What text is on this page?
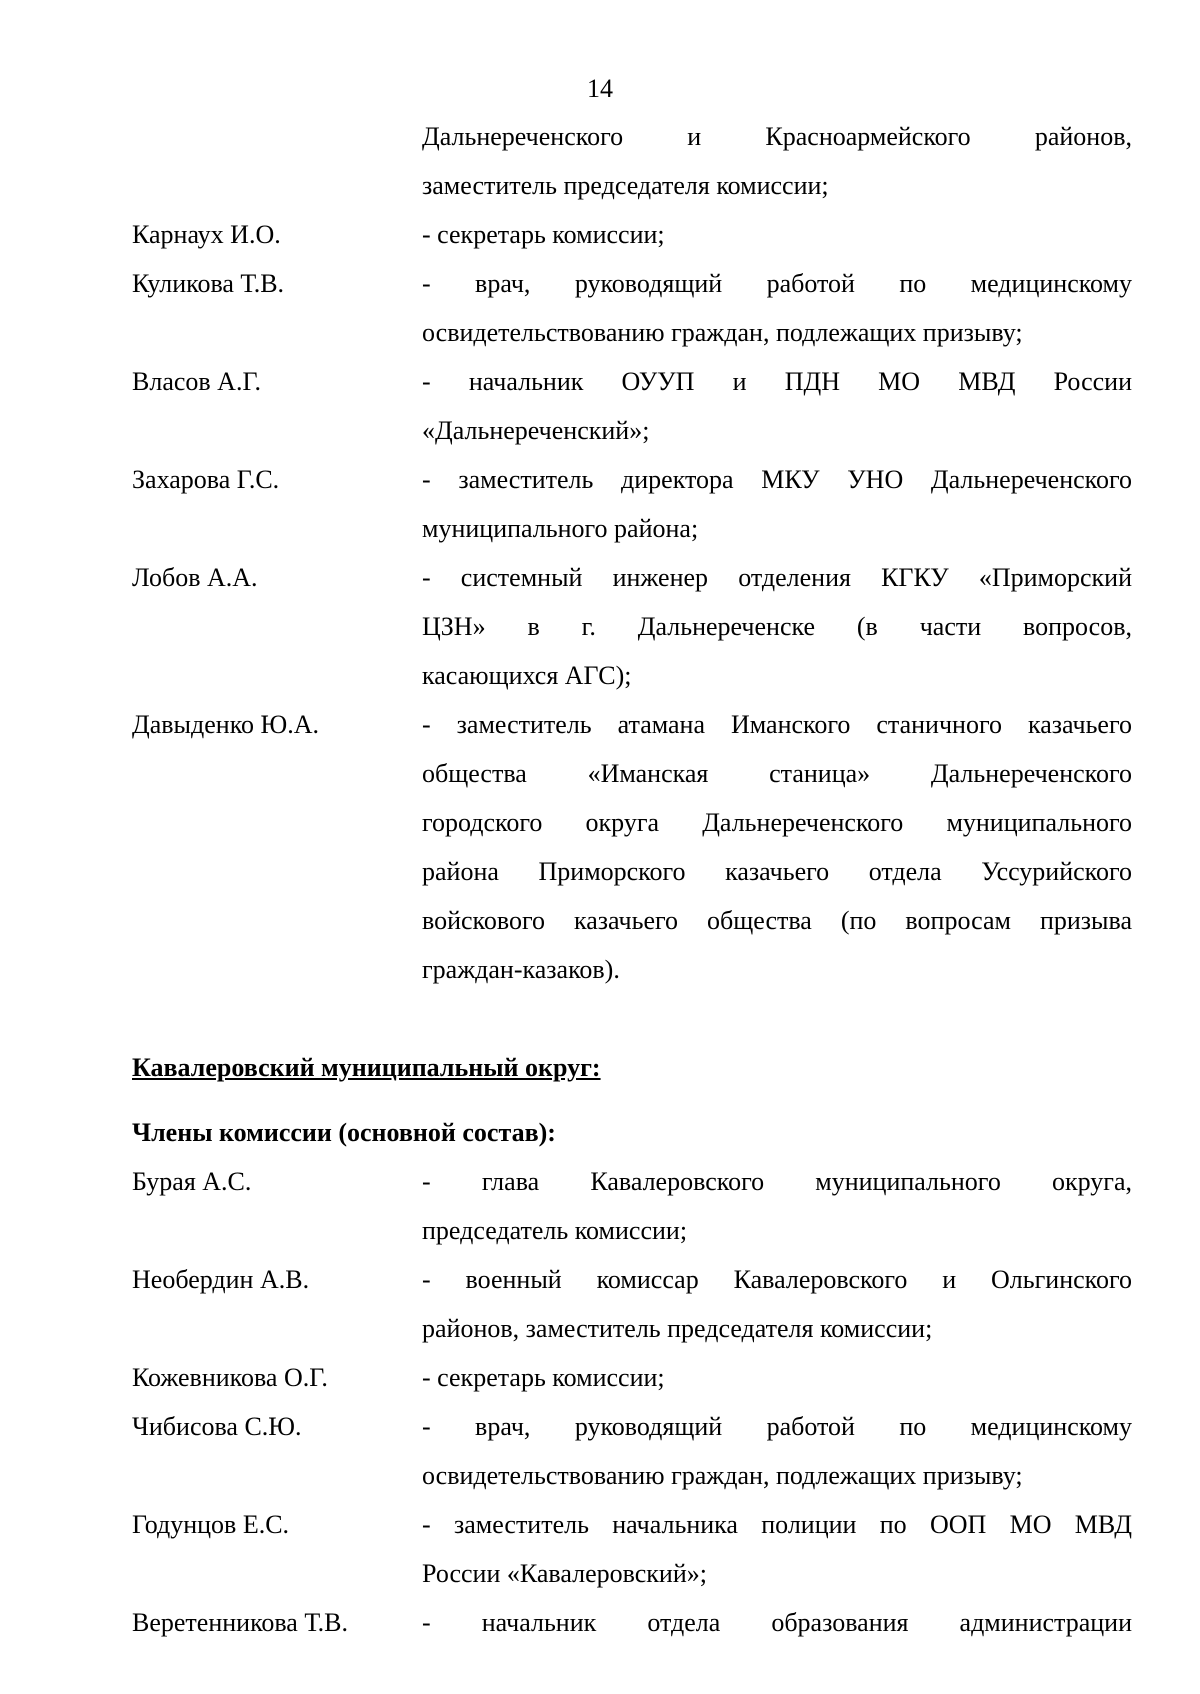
14
Дальнереченского и Красноармейского районов,
заместитель председателя комиссии;
Карнаух И.О.	- секретарь комиссии;
Куликова Т.В.	- врач, руководящий работой по медицинскому
освидетельствованию граждан, подлежащих призыву;
Власов А.Г.	- начальник ОУУП и ПДН МО МВД России
«Дальнереченский»;
Захарова Г.С.	- заместитель директора МКУ УНО Дальнереченского
муниципального района;
Лобов А.А.	- системный инженер отделения КГКУ «Приморский
ЦЗН» в г. Дальнереченске (в части вопросов,
касающихся АГС);
Давыденко Ю.А.	- заместитель атамана Иманского станичного казачьего
общества «Иманская станица» Дальнереченского
городского округа Дальнереченского муниципального
района Приморского казачьего отдела Уссурийского
войскового казачьего общества (по вопросам призыва
граждан-казаков).
Кавалеровский муниципальный округ:
Члены комиссии (основной состав):
Бурая А.С.	- глава Кавалеровского муниципального округа,
председатель комиссии;
Необердин А.В.	- военный комиссар Кавалеровского и Ольгинского
районов, заместитель председателя комиссии;
Кожевникова О.Г.	- секретарь комиссии;
Чибисова С.Ю.	- врач, руководящий работой по медицинскому
освидетельствованию граждан, подлежащих призыву;
Годунцов Е.С.	- заместитель начальника полиции по ООП МО МВД
России «Кавалеровский»;
Веретенникова Т.В.	- начальник отдела образования администрации
